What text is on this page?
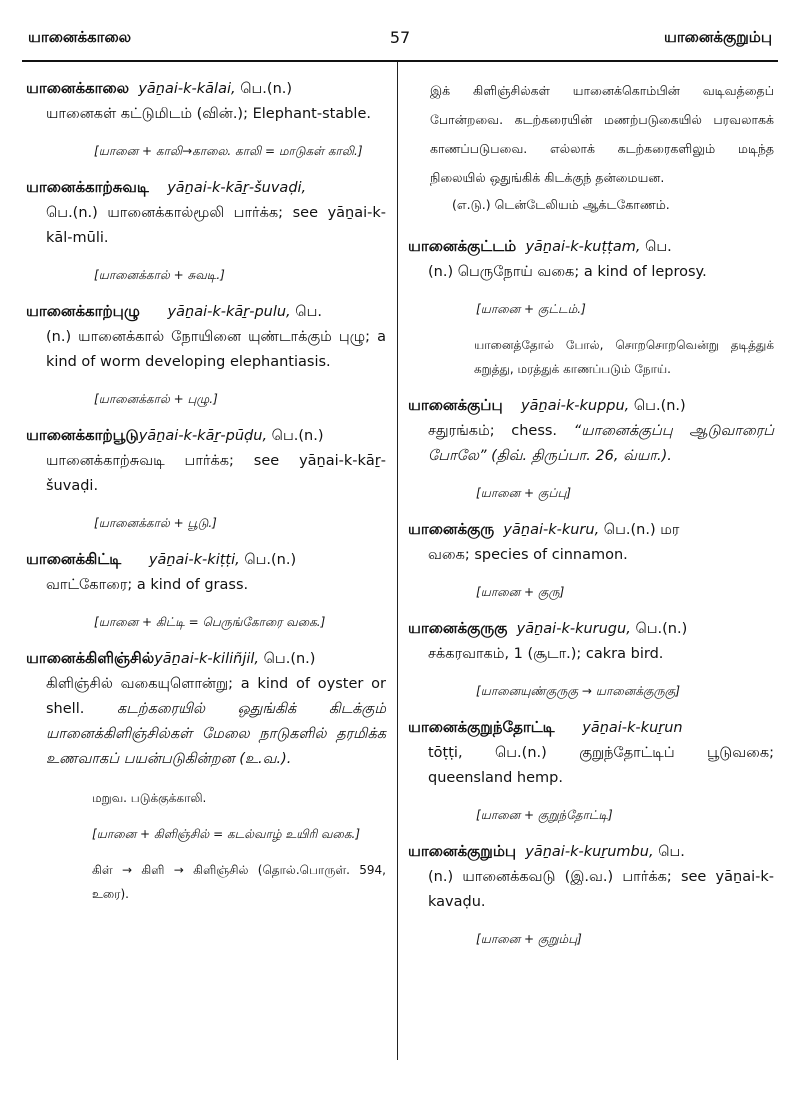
யானைக்காலை	57	யானைக்குறும்பு
யானைக்காலை yāṉai-k-kālai, பெ.(n.)
யானைகள் கட்டுமிடம் (வின்.); Elephant-stable.
[யானை + காலி→காலை. காலி = மாடுகள் காலி.]
யானைக்காற்சுவடி yāṉai-k-kāṟ-šuvaḍi,
பெ.(n.) யானைக்கால்மூலி பார்க்க; see yāṉai-k-kāl-mūli.
[யானைக்கால் + சுவடி.]
யானைக்காற்புழு yāṉai-k-kāṟ-pulu, பெ.
(n.) யானைக்கால் நோயினை யுண்டாக்கும் புழு; a kind of worm developing elephantiasis.
[யானைக்கால் + புழு.]
யானைக்காற்பூடுyāṉai-k-kāṟ-pūḍu, பெ.(n.)
யானைக்காற்சுவடி பார்க்க; see yāṉai-k-kāṟ-šuvaḍi.
[யானைக்கால் + பூடு.]
யானைக்கிட்டி yāṉai-k-kiṭṭi, பெ.(n.)
வாட்கோரை; a kind of grass.
[யானை + கிட்டி = பெருங்கோரை வகை.]
யானைக்கிளிஞ்சில்yāṉai-k-kiliñjil, பெ.(n.)
கிளிஞ்சில் வகையுளொன்று; a kind of oyster or shell. கடற்கரையில் ஒதுங்கிக் கிடக்கும் யானைக்கிளிஞ்சில்கள் மேலை நாடுகளில் தரமிக்க உணவாகப் பயன்படுகின்றன (உ.வ.).
மறுவ. படுக்குக்காலி.
[யானை + கிளிஞ்சில் = கடல்வாழ் உயிரி வகை.]
கிள் → கிளி → கிளிஞ்சில் (தொல்.பொருள். 594, உரை).
இக் கிளிஞ்சில்கள் யானைக்கொம்பின் வடிவத்தைப் போன்றவை. கடற்கரையின் மணற்படுகையில் பரவலாகக் காணப்படுபவை. எல்லாக் கடற்கரைகளிலும் மடிந்த நிலையில் ஒதுங்கிக் கிடக்குந் தன்மையன.
(எ.டு.) டென்டேலியம் ஆக்டகோணம்.
யானைக்குட்டம் yāṉai-k-kuṭṭam, பெ.
(n.) பெருநோய் வகை; a kind of leprosy.
[யானை + குட்டம்.]
யானைத்தோல் போல், சொறசொறவென்று தடித்துக் கறுத்து, மரத்துக் காணப்படும் நோய்.
யானைக்குப்பு yāṉai-k-kuppu, பெ.(n.)
சதுரங்கம்; chess. “யானைக்குப்பு ஆடுவாரைப் போலே” (திவ். திருப்பா. 26, வ்யா.).
[யானை + குப்பு]
யானைக்குரு yāṉai-k-kuru, பெ.(n.) மர
வகை; species of cinnamon.
[யானை + குரு]
யானைக்குருகு yāṉai-k-kurugu, பெ.(n.)
சக்கரவாகம், 1 (சூடா.); cakra bird.
[யானையுண்குருகு → யானைக்குருகு]
யானைக்குறுந்தோட்டி yāṉai-k-kuṟun
tōṭṭi, பெ.(n.) குறுந்தோட்டிப் பூடுவகை; queensland hemp.
[யானை + குறுந்தோட்டி]
யானைக்குறும்பு yāṉai-k-kuṟumbu, பெ.
(n.) யானைக்கவடு (இ.வ.) பார்க்க; see yāṉai-k-kavaḍu.
[யானை + குறும்பு]
